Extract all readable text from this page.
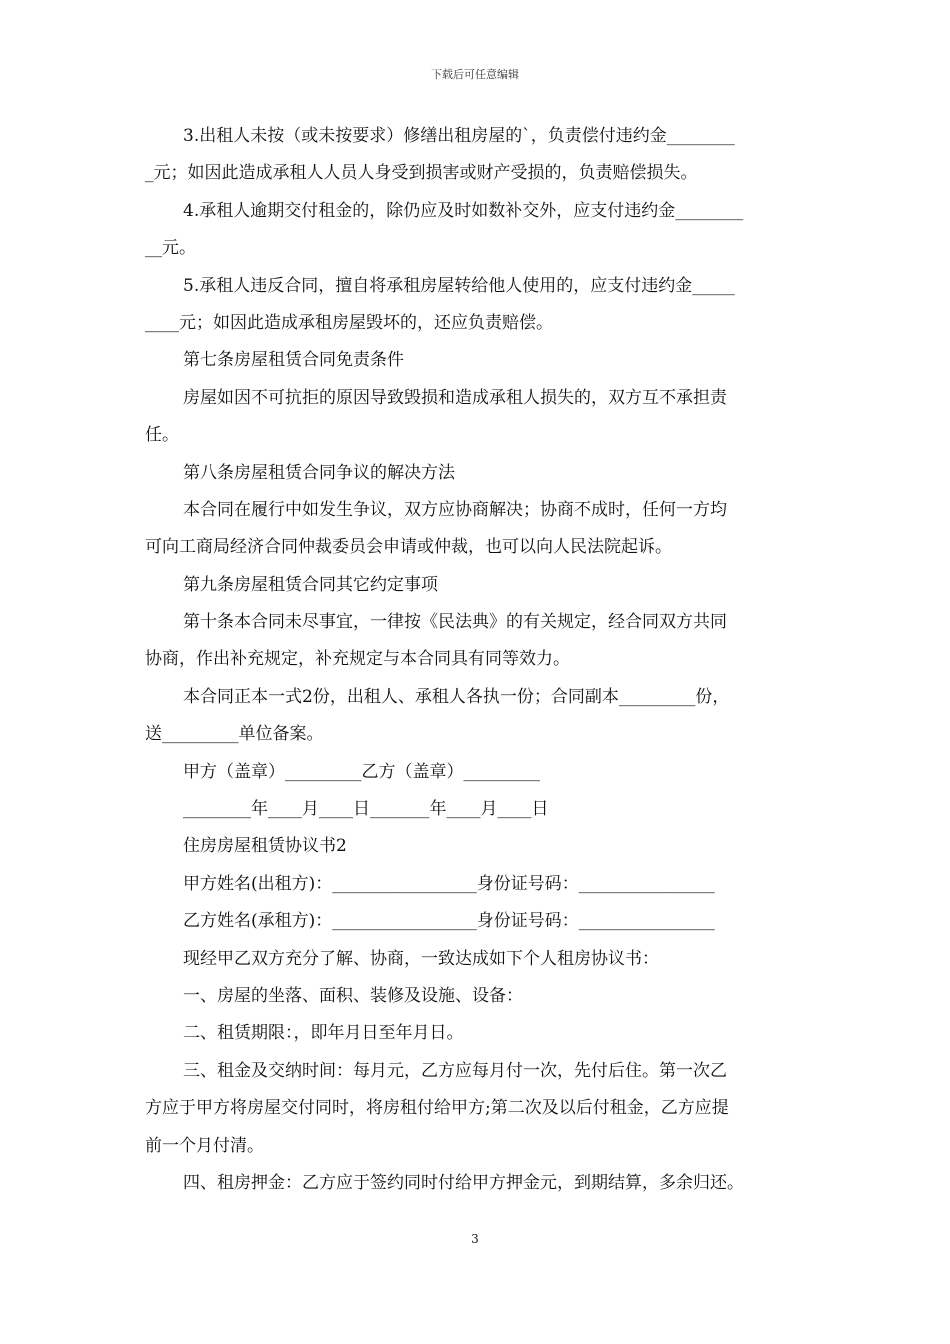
下载后可任意编辑
3.出租人未按（或未按要求）修缮出租房屋的`，负责偿付违约金________
_元；如因此造成承租人人员人身受到损害或财产受损的，负责赔偿损失。
4.承租人逾期交付租金的，除仍应及时如数补交外，应支付违约金________
__元。
5.承租人违反合同，擅自将承租房屋转给他人使用的，应支付违约金_____
____元；如因此造成承租房屋毁坏的，还应负责赔偿。
第七条房屋租赁合同免责条件
房屋如因不可抗拒的原因导致毁损和造成承租人损失的，双方互不承担责
任。
第八条房屋租赁合同争议的解决方法
本合同在履行中如发生争议，双方应协商解决；协商不成时，任何一方均
可向工商局经济合同仲裁委员会申请或仲裁，也可以向人民法院起诉。
第九条房屋租赁合同其它约定事项
第十条本合同未尽事宜，一律按《民法典》的有关规定，经合同双方共同
协商，作出补充规定，补充规定与本合同具有同等效力。
本合同正本一式2份，出租人、承租人各执一份；合同副本_________份，
送_________单位备案。
甲方（盖章）_________乙方（盖章）_________
________年____月____日_______年____月____日
住房房屋租赁协议书2
甲方姓名(出租方)：_________________身份证号码：________________
乙方姓名(承租方)：_________________身份证号码：________________
现经甲乙双方充分了解、协商，一致达成如下个人租房协议书：
一、房屋的坐落、面积、装修及设施、设备：
二、租赁期限：，即年月日至年月日。
三、租金及交纳时间：每月元，乙方应每月付一次，先付后住。第一次乙
方应于甲方将房屋交付同时，将房租付给甲方;第二次及以后付租金，乙方应提
前一个月付清。
四、租房押金：乙方应于签约同时付给甲方押金元，到期结算，多余归还。
3
